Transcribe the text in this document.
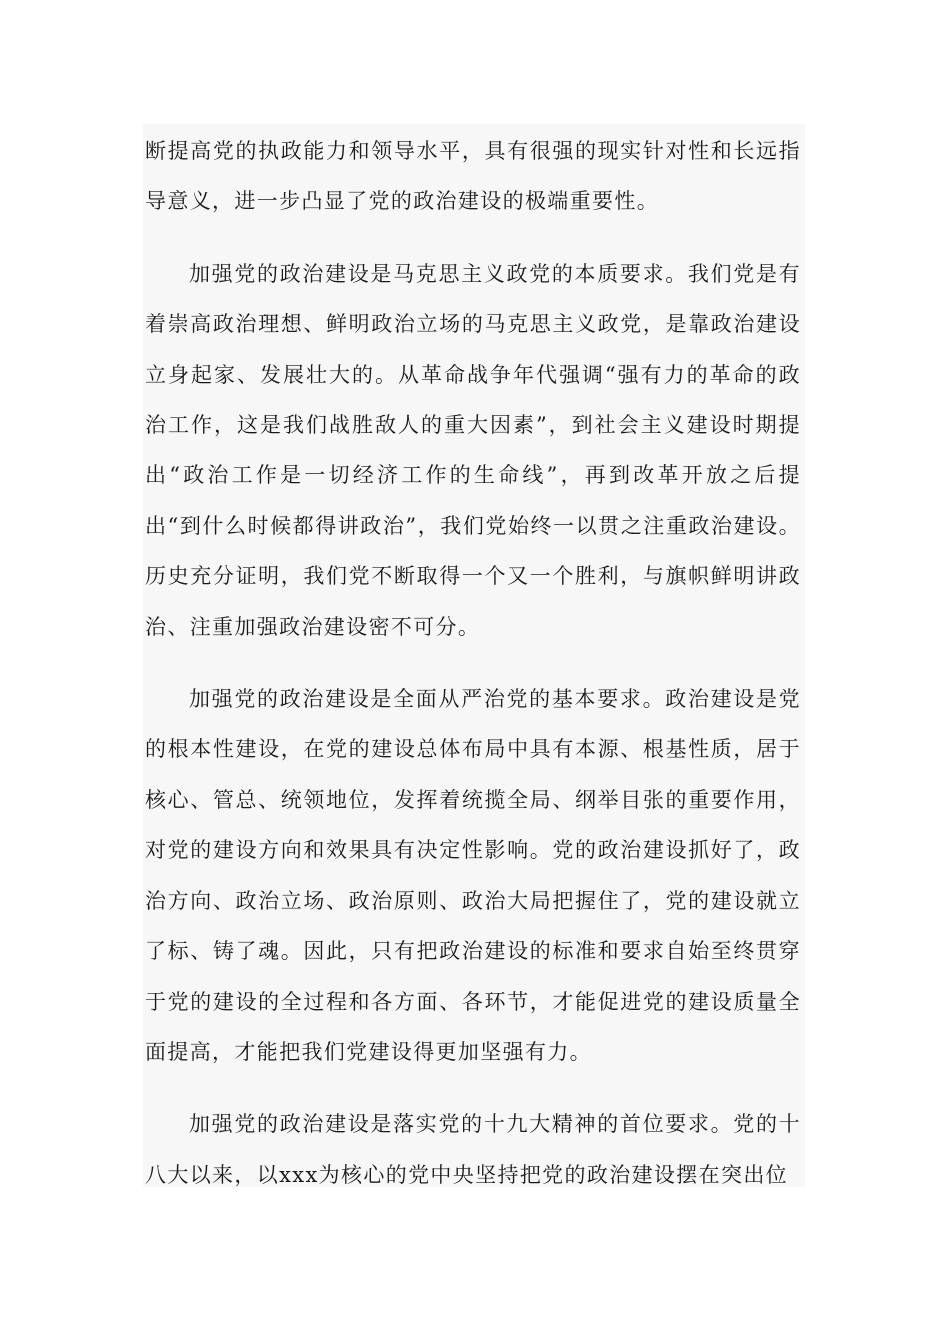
断提高党的执政能力和领导水平，具有很强的现实针对性和长远指导意义，进一步凸显了党的政治建设的极端重要性。

加强党的政治建设是马克思主义政党的本质要求。我们党是有着崇高政治理想、鲜明政治立场的马克思主义政党，是靠政治建设立身起家、发展壮大的。从革命战争年代强调“强有力的革命的政治工作，这是我们战胜敌人的重大因素”，到社会主义建设时期提出“政治工作是一切经济工作的生命线”，再到改革开放之后提出“到什么时候都得讲政治”，我们党始终一以贯之注重政治建设。历史充分证明，我们党不断取得一个又一个胜利，与旗帜鲜明讲政治、注重加强政治建设密不可分。

加强党的政治建设是全面从严治党的基本要求。政治建设是党的根本性建设，在党的建设总体布局中具有本源、根基性质，居于核心、管总、统领地位，发挥着统揽全局、纲举目张的重要作用，对党的建设方向和效果具有决定性影响。党的政治建设抓好了，政治方向、政治立场、政治原则、政治大局把握住了，党的建设就立了标、铸了魂。因此，只有把政治建设的标准和要求自始至终贯穿于党的建设的全过程和各方面、各环节，才能促进党的建设质量全面提高，才能把我们党建设得更加坚强有力。

加强党的政治建设是落实党的十九大精神的首位要求。党的十八大以来，以xxx为核心的党中央坚持把党的政治建设摆在突出位
